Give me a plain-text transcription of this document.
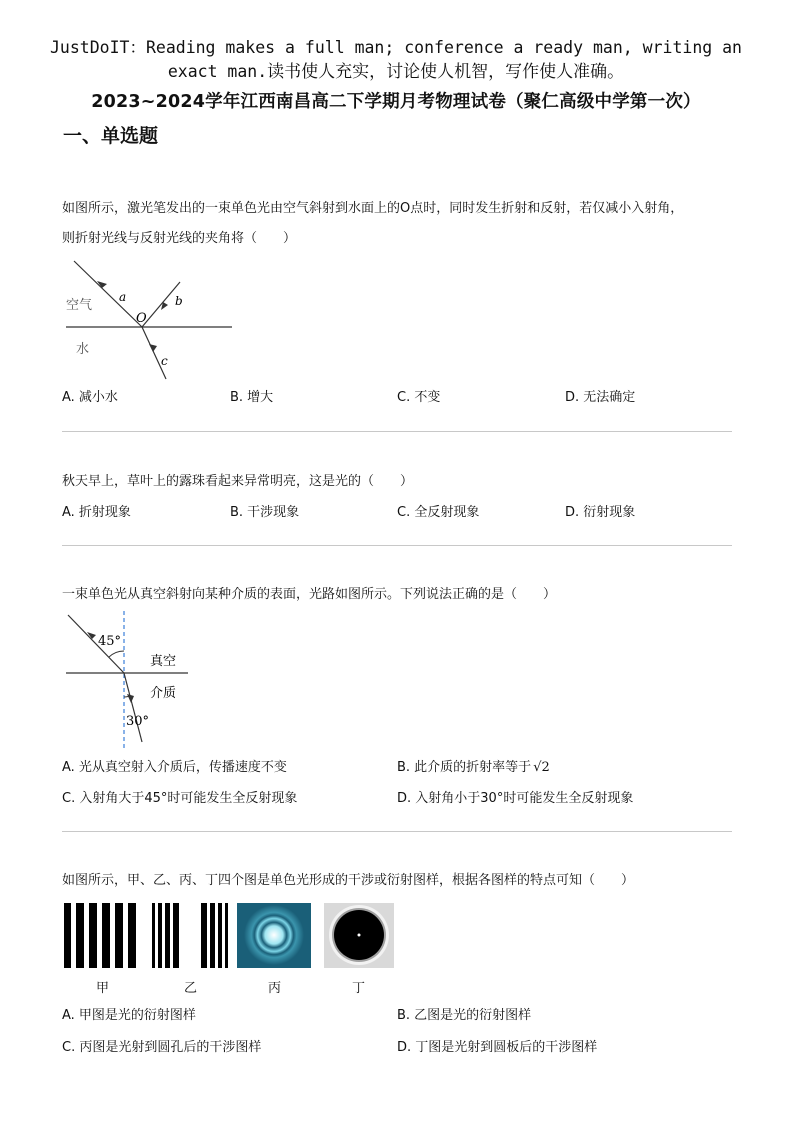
JustDoIT：Reading makes a full man; conference a ready man, writing an
exact man.读书使人充实，讨论使人机智，写作使人准确。
2023~2024学年江西南昌高二下学期月考物理试卷（聚仁高级中学第一次）
一、单选题
如图所示，激光笔发出的一束单色光由空气斜射到水面上的O点时，同时发生折射和反射，若仅减小入射角，
则折射光线与反射光线的夹角将（　　）
空气
水
O
a	b
c
A. 减小水	B. 增大	C. 不变	D. 无法确定
秋天早上，草叶上的露珠看起来异常明亮，这是光的（　　）
A. 折射现象	B. 干涉现象	C. 全反射现象	D. 衍射现象
一束单色光从真空斜射向某种介质的表面，光路如图所示。下列说法正确的是（　　）
45°
30°
真空
介质
A. 光从真空射入介质后，传播速度不变	B. 此介质的折射率等于 √2
C. 入射角大于45°时可能发生全反射现象	D. 入射角小于30°时可能发生全反射现象
如图所示，甲、乙、丙、丁四个图是单色光形成的干涉或衍射图样，根据各图样的特点可知（　　）
甲	乙	丙	丁
A. 甲图是光的衍射图样	B. 乙图是光的衍射图样
C. 丙图是光射到圆孔后的干涉图样	D. 丁图是光射到圆板后的干涉图样
